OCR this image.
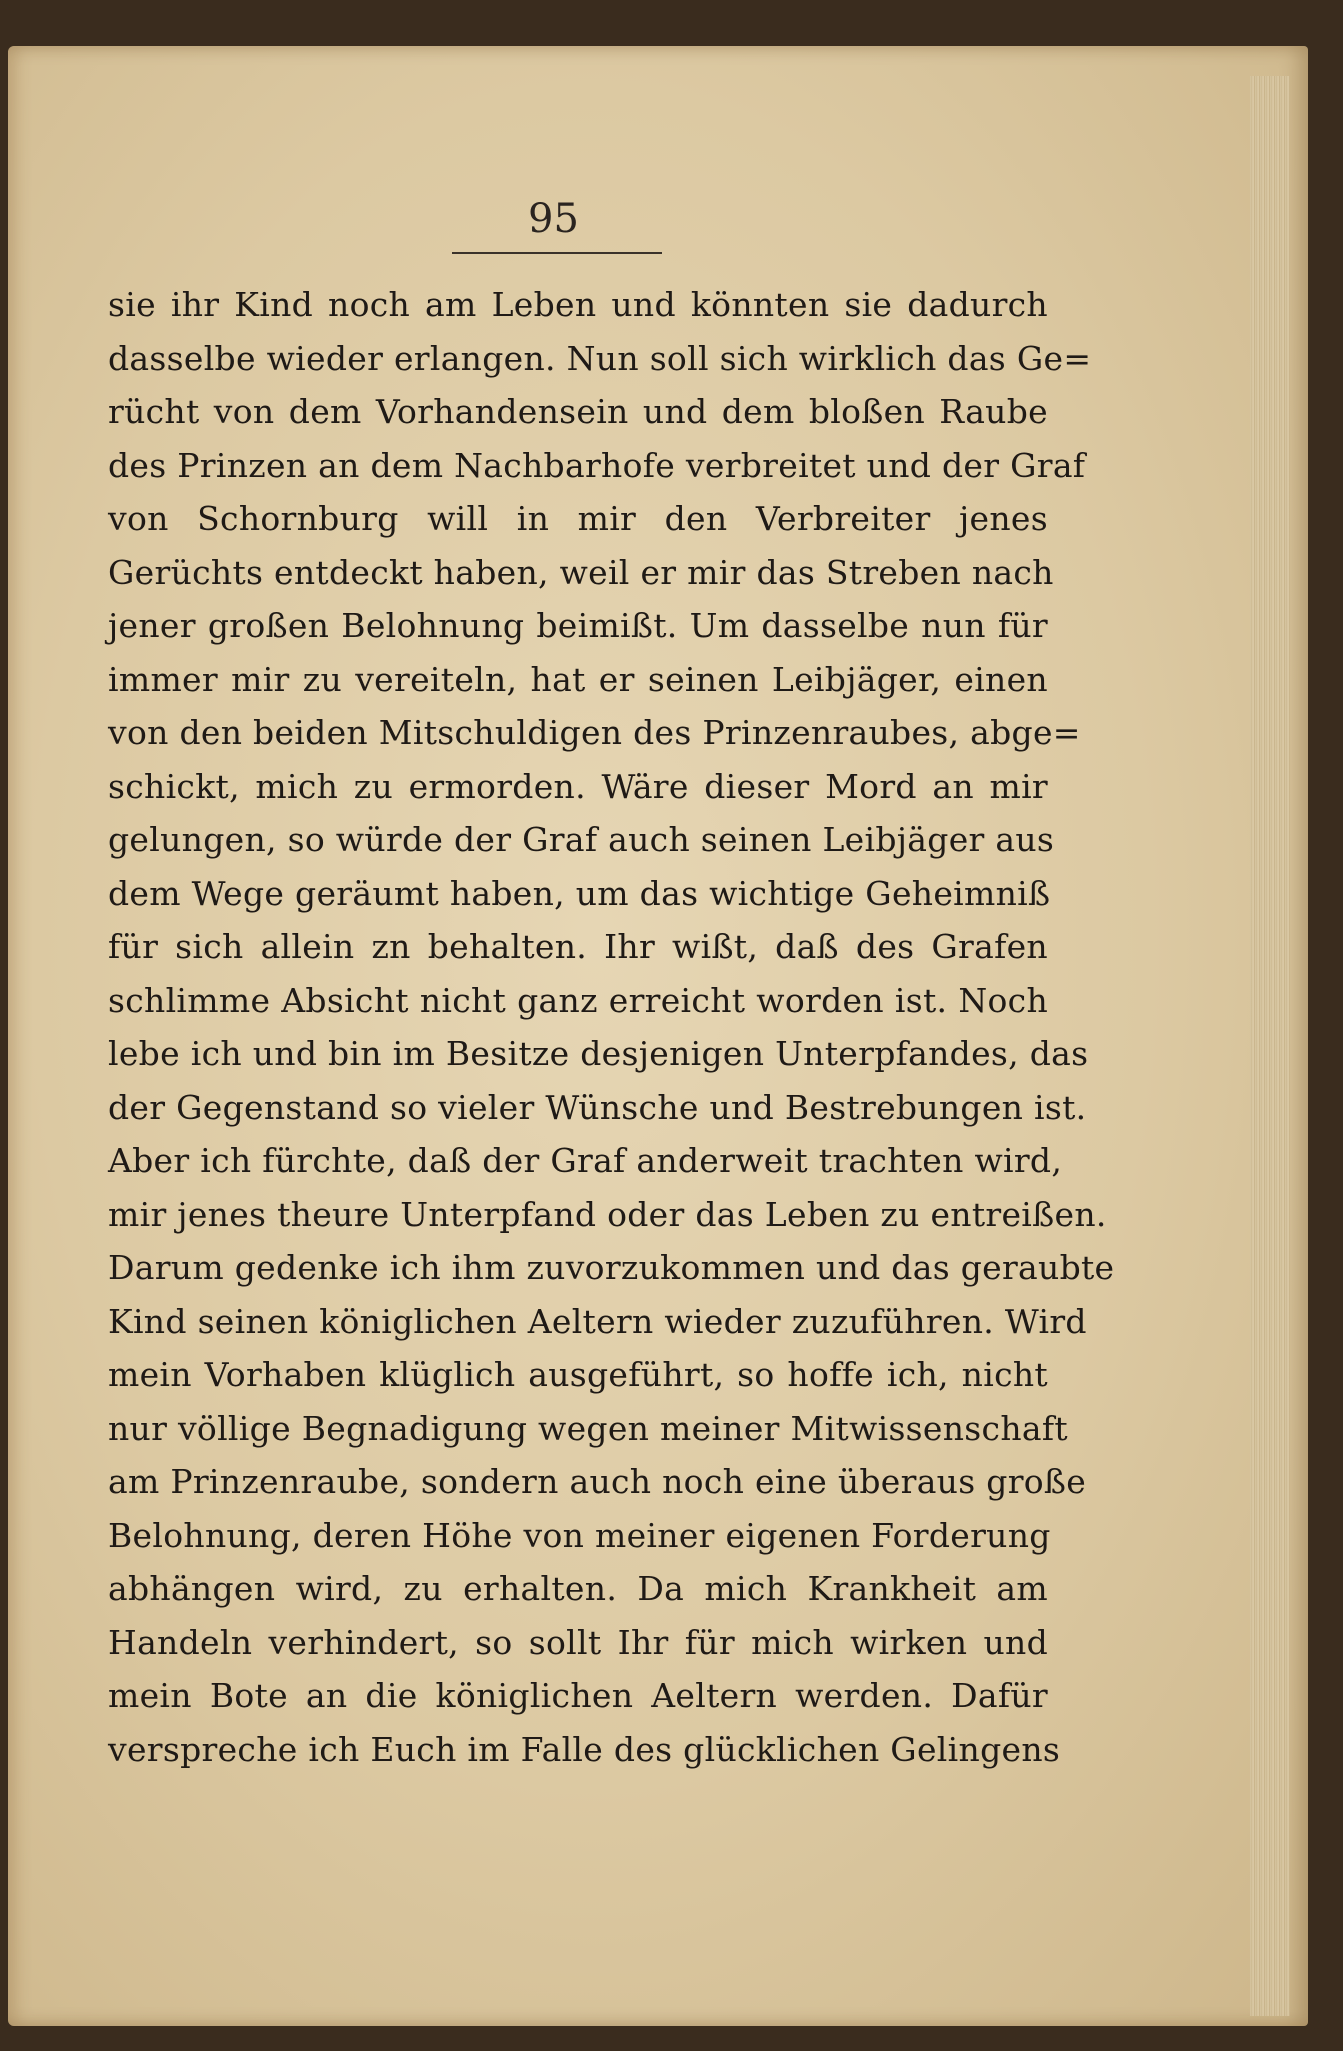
95
sie ihr Kind noch am Leben und könnten sie dadurch
dasselbe wieder erlangen. Nun soll sich wirklich das Ge=
rücht von dem Vorhandensein und dem bloßen Raube
des Prinzen an dem Nachbarhofe verbreitet und der Graf
von Schornburg will in mir den Verbreiter jenes
Gerüchts entdeckt haben, weil er mir das Streben nach
jener großen Belohnung beimißt. Um dasselbe nun für
immer mir zu vereiteln, hat er seinen Leibjäger, einen
von den beiden Mitschuldigen des Prinzenraubes, abge=
schickt, mich zu ermorden. Wäre dieser Mord an mir
gelungen, so würde der Graf auch seinen Leibjäger aus
dem Wege geräumt haben, um das wichtige Geheimniß
für sich allein zn behalten. Ihr wißt, daß des Grafen
schlimme Absicht nicht ganz erreicht worden ist. Noch
lebe ich und bin im Besitze desjenigen Unterpfandes, das
der Gegenstand so vieler Wünsche und Bestrebungen ist.
Aber ich fürchte, daß der Graf anderweit trachten wird,
mir jenes theure Unterpfand oder das Leben zu entreißen.
Darum gedenke ich ihm zuvorzukommen und das geraubte
Kind seinen königlichen Aeltern wieder zuzuführen. Wird
mein Vorhaben klüglich ausgeführt, so hoffe ich, nicht
nur völlige Begnadigung wegen meiner Mitwissenschaft
am Prinzenraube, sondern auch noch eine überaus große
Belohnung, deren Höhe von meiner eigenen Forderung
abhängen wird, zu erhalten. Da mich Krankheit am
Handeln verhindert, so sollt Ihr für mich wirken und
mein Bote an die königlichen Aeltern werden. Dafür
verspreche ich Euch im Falle des glücklichen Gelingens
